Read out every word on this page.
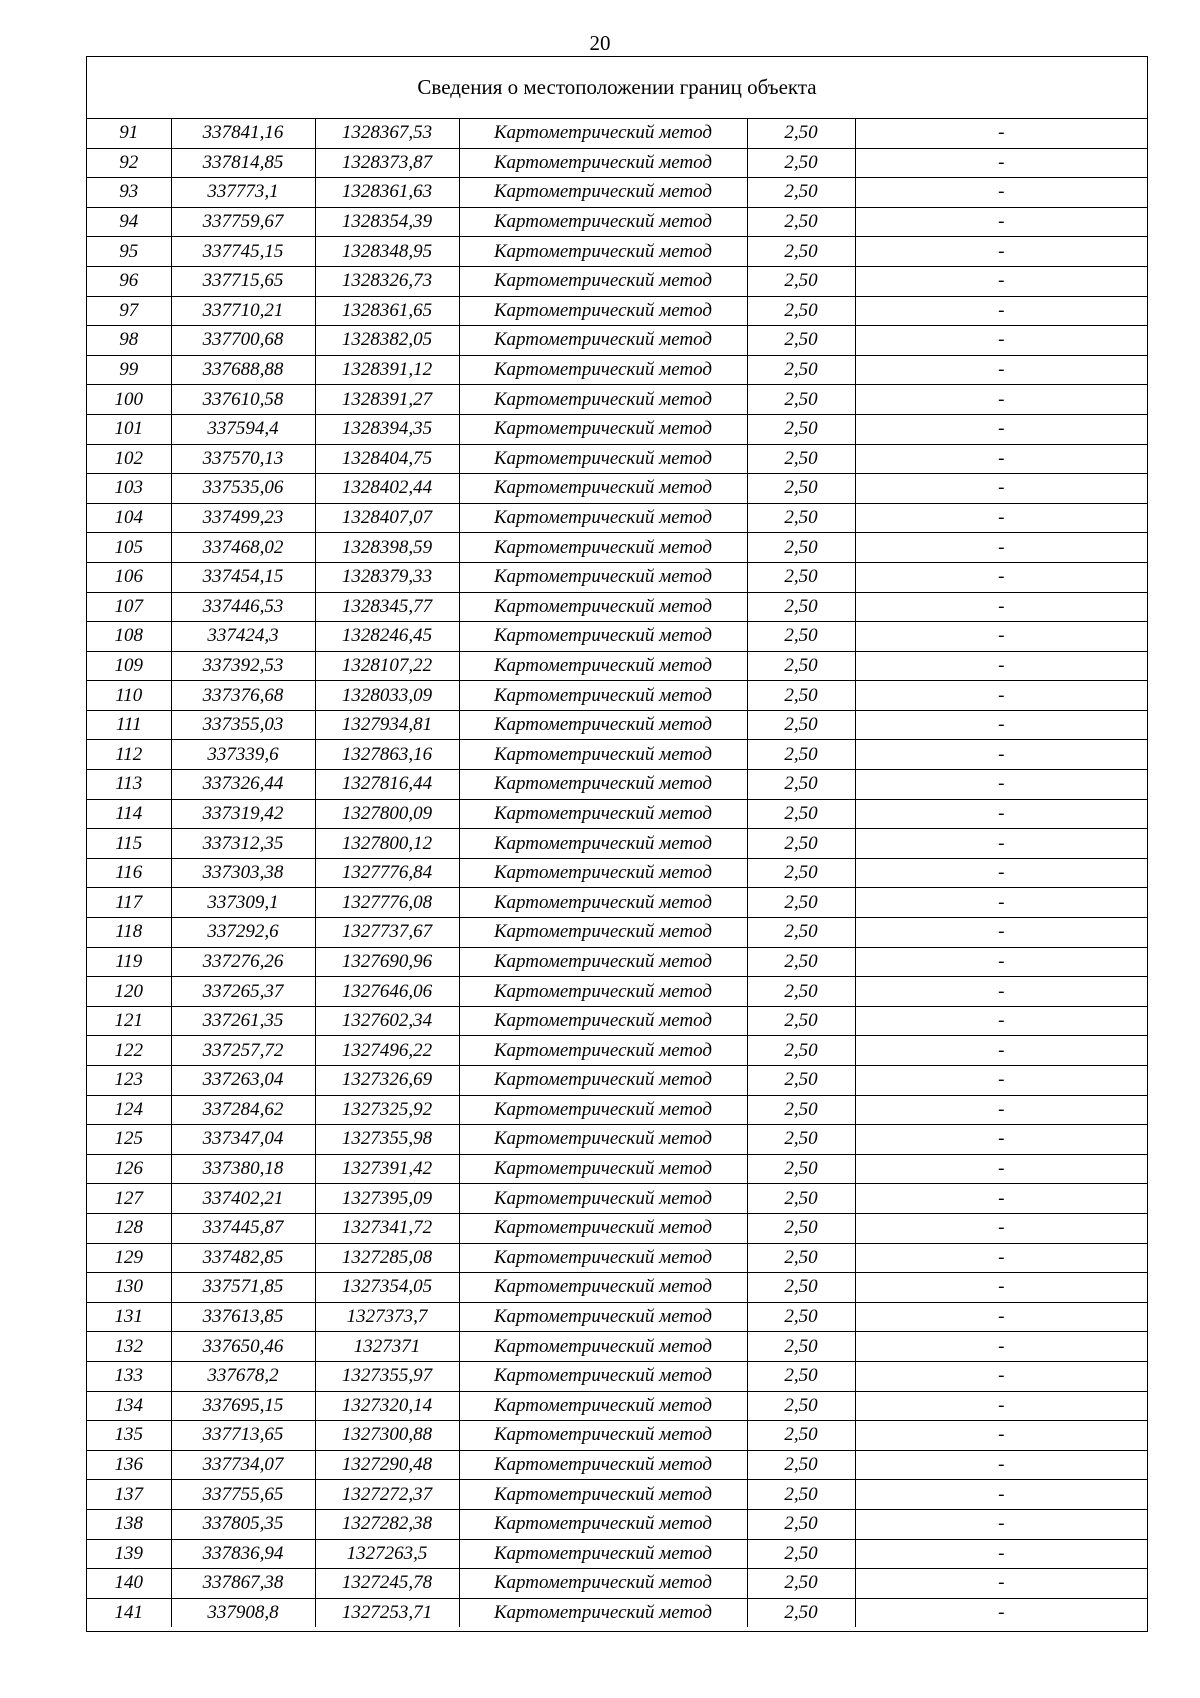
20
Сведения о местоположении границ объекта
91	337841,16	1328367,53	Картометрический метод	2,50	-
92	337814,85	1328373,87	Картометрический метод	2,50	-
93	337773,1	1328361,63	Картометрический метод	2,50	-
94	337759,67	1328354,39	Картометрический метод	2,50	-
95	337745,15	1328348,95	Картометрический метод	2,50	-
96	337715,65	1328326,73	Картометрический метод	2,50	-
97	337710,21	1328361,65	Картометрический метод	2,50	-
98	337700,68	1328382,05	Картометрический метод	2,50	-
99	337688,88	1328391,12	Картометрический метод	2,50	-
100	337610,58	1328391,27	Картометрический метод	2,50	-
101	337594,4	1328394,35	Картометрический метод	2,50	-
102	337570,13	1328404,75	Картометрический метод	2,50	-
103	337535,06	1328402,44	Картометрический метод	2,50	-
104	337499,23	1328407,07	Картометрический метод	2,50	-
105	337468,02	1328398,59	Картометрический метод	2,50	-
106	337454,15	1328379,33	Картометрический метод	2,50	-
107	337446,53	1328345,77	Картометрический метод	2,50	-
108	337424,3	1328246,45	Картометрический метод	2,50	-
109	337392,53	1328107,22	Картометрический метод	2,50	-
110	337376,68	1328033,09	Картометрический метод	2,50	-
111	337355,03	1327934,81	Картометрический метод	2,50	-
112	337339,6	1327863,16	Картометрический метод	2,50	-
113	337326,44	1327816,44	Картометрический метод	2,50	-
114	337319,42	1327800,09	Картометрический метод	2,50	-
115	337312,35	1327800,12	Картометрический метод	2,50	-
116	337303,38	1327776,84	Картометрический метод	2,50	-
117	337309,1	1327776,08	Картометрический метод	2,50	-
118	337292,6	1327737,67	Картометрический метод	2,50	-
119	337276,26	1327690,96	Картометрический метод	2,50	-
120	337265,37	1327646,06	Картометрический метод	2,50	-
121	337261,35	1327602,34	Картометрический метод	2,50	-
122	337257,72	1327496,22	Картометрический метод	2,50	-
123	337263,04	1327326,69	Картометрический метод	2,50	-
124	337284,62	1327325,92	Картометрический метод	2,50	-
125	337347,04	1327355,98	Картометрический метод	2,50	-
126	337380,18	1327391,42	Картометрический метод	2,50	-
127	337402,21	1327395,09	Картометрический метод	2,50	-
128	337445,87	1327341,72	Картометрический метод	2,50	-
129	337482,85	1327285,08	Картометрический метод	2,50	-
130	337571,85	1327354,05	Картометрический метод	2,50	-
131	337613,85	1327373,7	Картометрический метод	2,50	-
132	337650,46	1327371	Картометрический метод	2,50	-
133	337678,2	1327355,97	Картометрический метод	2,50	-
134	337695,15	1327320,14	Картометрический метод	2,50	-
135	337713,65	1327300,88	Картометрический метод	2,50	-
136	337734,07	1327290,48	Картометрический метод	2,50	-
137	337755,65	1327272,37	Картометрический метод	2,50	-
138	337805,35	1327282,38	Картометрический метод	2,50	-
139	337836,94	1327263,5	Картометрический метод	2,50	-
140	337867,38	1327245,78	Картометрический метод	2,50	-
141	337908,8	1327253,71	Картометрический метод	2,50	-
